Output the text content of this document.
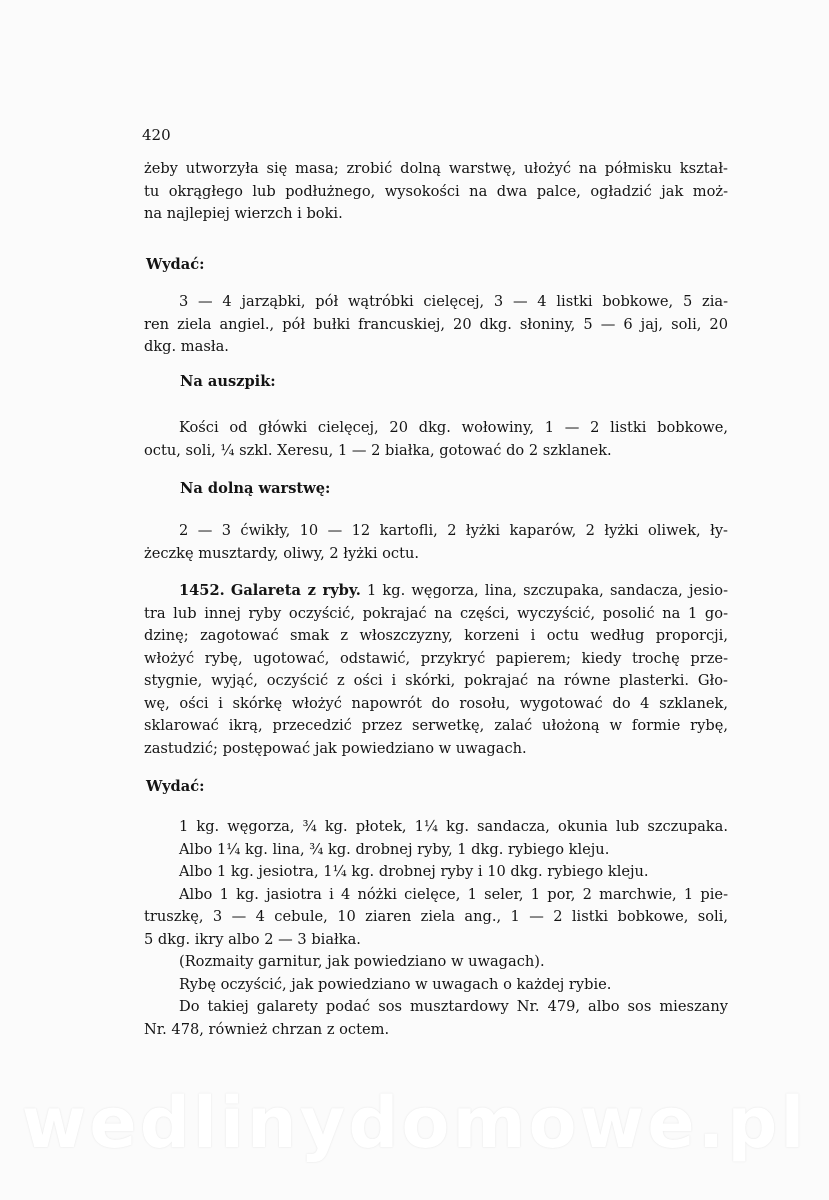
420
żeby utworzyła się masa; zrobić dolną warstwę, ułożyć na półmisku kształ-
tu okrągłego lub podłużnego, wysokości na dwa palce, ogładzić jak moż-
na najlepiej wierzch i boki.
Wydać:
3 — 4 jarząbki, pół wątróbki cielęcej, 3 — 4 listki bobkowe, 5 zia-
ren ziela angiel., pół bułki francuskiej, 20 dkg. słoniny, 5 — 6 jaj, soli, 20
dkg. masła.
Na auszpik:
Kości od główki cielęcej, 20 dkg. wołowiny, 1 — 2 listki bobkowe,
octu, soli, ¼ szkl. Xeresu, 1 — 2 białka, gotować do 2 szklanek.
Na dolną warstwę:
2 — 3 ćwikły, 10 — 12 kartofli, 2 łyżki kaparów, 2 łyżki oliwek, ły-
żeczkę musztardy, oliwy, 2 łyżki octu.
1452. Galareta z ryby. 1 kg. węgorza, lina, szczupaka, sandacza, jesio-
tra lub innej ryby oczyścić, pokrajać na części, wyczyścić, posolić na 1 go-
dzinę; zagotować smak z włoszczyzny, korzeni i octu według proporcji,
włożyć rybę, ugotować, odstawić, przykryć papierem; kiedy trochę prze-
stygnie, wyjąć, oczyścić z ości i skórki, pokrajać na równe plasterki. Gło-
wę, ości i skórkę włożyć napowrót do rosołu, wygotować do 4 szklanek,
sklarować ikrą, przecedzić przez serwetkę, zalać ułożoną w formie rybę,
zastudzić; postępować jak powiedziano w uwagach.
Wydać:
1 kg. węgorza, ¾ kg. płotek, 1¼ kg. sandacza, okunia lub szczupaka.
Albo 1¼ kg. lina, ¾ kg. drobnej ryby, 1 dkg. rybiego kleju.
Albo 1 kg. jesiotra, 1¼ kg. drobnej ryby i 10 dkg. rybiego kleju.
Albo 1 kg. jasiotra i 4 nóżki cielęce, 1 seler, 1 por, 2 marchwie, 1 pie-
truszkę, 3 — 4 cebule, 10 ziaren ziela ang., 1 — 2 listki bobkowe, soli,
5 dkg. ikry albo 2 — 3 białka.
(Rozmaity garnitur, jak powiedziano w uwagach).
Rybę oczyścić, jak powiedziano w uwagach o każdej rybie.
Do takiej galarety podać sos musztardowy Nr. 479, albo sos mieszany
Nr. 478, również chrzan z octem.
wedlinydomowe.pl
